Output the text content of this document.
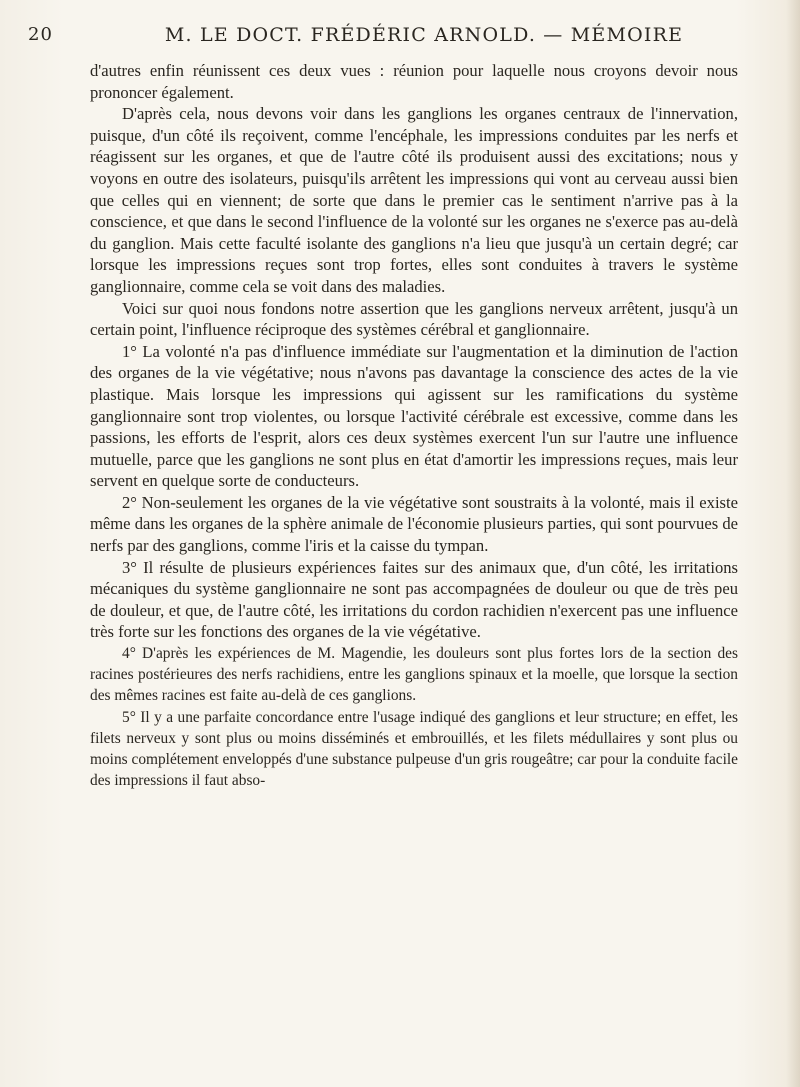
20	M. LE DOCT. FRÉDÉRIC ARNOLD. — MÉMOIRE

d'autres enfin réunissent ces deux vues : réunion pour laquelle nous croyons devoir nous prononcer également.

D'après cela, nous devons voir dans les ganglions les organes centraux de l'innervation, puisque, d'un côté ils reçoivent, comme l'encéphale, les impressions conduites par les nerfs et réagissent sur les organes, et que de l'autre côté ils produisent aussi des excitations; nous y voyons en outre des isolateurs, puisqu'ils arrêtent les impressions qui vont au cerveau aussi bien que celles qui en viennent; de sorte que dans le premier cas le sentiment n'arrive pas à la conscience, et que dans le second l'influence de la volonté sur les organes ne s'exerce pas au-delà du ganglion. Mais cette faculté isolante des ganglions n'a lieu que jusqu'à un certain degré; car lorsque les impressions reçues sont trop fortes, elles sont conduites à travers le système ganglionnaire, comme cela se voit dans des maladies.

Voici sur quoi nous fondons notre assertion que les ganglions nerveux arrêtent, jusqu'à un certain point, l'influence réciproque des systèmes cérébral et ganglionnaire.

1° La volonté n'a pas d'influence immédiate sur l'augmentation et la diminution de l'action des organes de la vie végétative; nous n'avons pas davantage la conscience des actes de la vie plastique. Mais lorsque les impressions qui agissent sur les ramifications du système ganglionnaire sont trop violentes, ou lorsque l'activité cérébrale est excessive, comme dans les passions, les efforts de l'esprit, alors ces deux systèmes exercent l'un sur l'autre une influence mutuelle, parce que les ganglions ne sont plus en état d'amortir les impressions reçues, mais leur servent en quelque sorte de conducteurs.

2° Non-seulement les organes de la vie végétative sont soustraits à la volonté, mais il existe même dans les organes de la sphère animale de l'économie plusieurs parties, qui sont pourvues de nerfs par des ganglions, comme l'iris et la caisse du tympan.

3° Il résulte de plusieurs expériences faites sur des animaux que, d'un côté, les irritations mécaniques du système ganglionnaire ne sont pas accompagnées de douleur ou que de très peu de douleur, et que, de l'autre côté, les irritations du cordon rachidien n'exercent pas une influence très forte sur les fonctions des organes de la vie végétative.

4° D'après les expériences de M. Magendie, les douleurs sont plus fortes lors de la section des racines postérieures des nerfs rachidiens, entre les ganglions spinaux et la moelle, que lorsque la section des mêmes racines est faite au-delà de ces ganglions.

5° Il y a une parfaite concordance entre l'usage indiqué des ganglions et leur structure; en effet, les filets nerveux y sont plus ou moins disséminés et embrouillés, et les filets médullaires y sont plus ou moins complétement enveloppés d'une substance pulpeuse d'un gris rougeâtre; car pour la conduite facile des impressions il faut abso-
